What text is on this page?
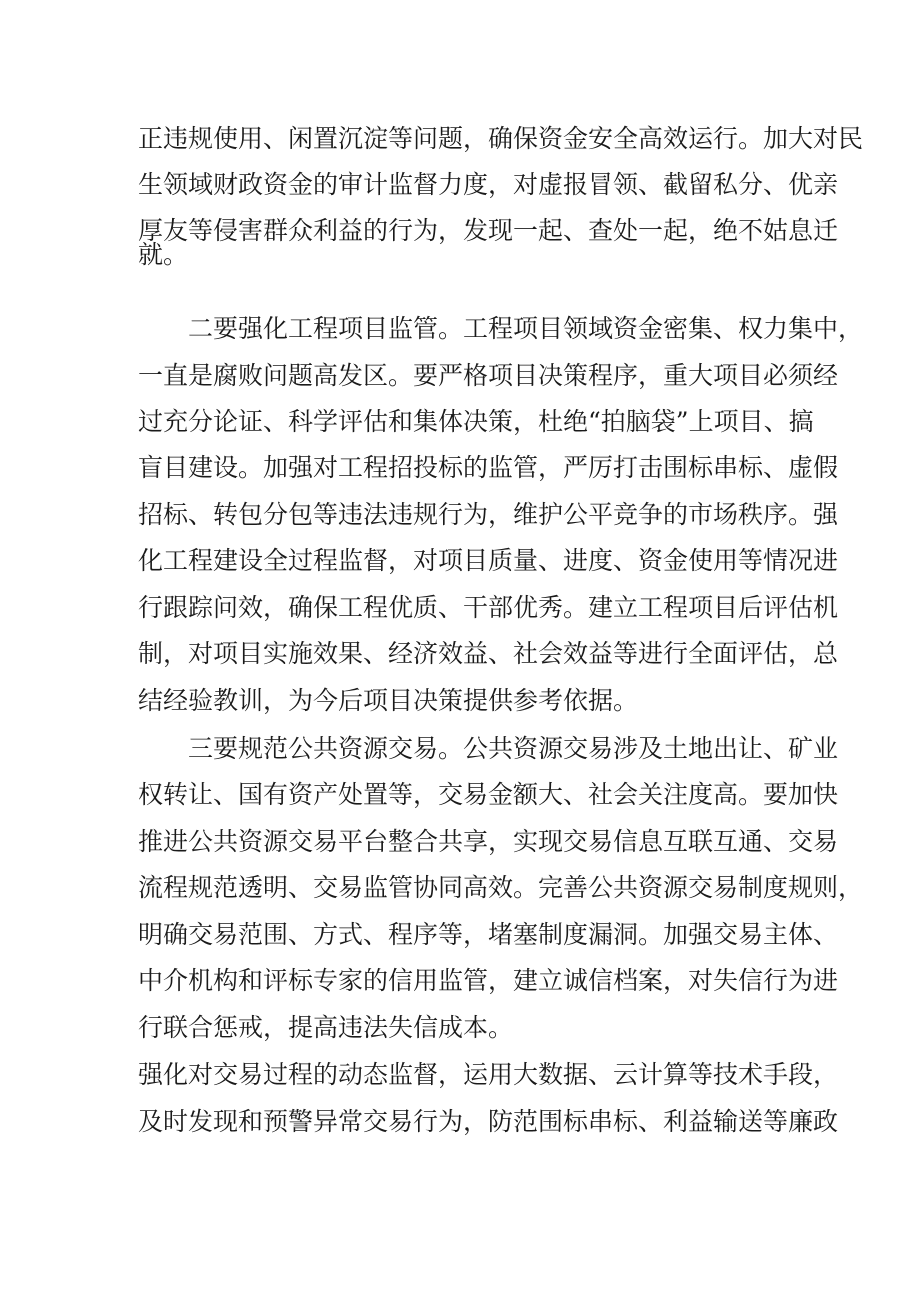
正违规使用、闲置沉淀等问题，确保资金安全高效运行。加大对民
生领域财政资金的审计监督力度，对虚报冒领、截留私分、优亲
厚友等侵害群众利益的行为，发现一起、查处一起，绝不姑息迁
就。
二要强化工程项目监管。工程项目领域资金密集、权力集中，
一直是腐败问题高发区。要严格项目决策程序，重大项目必须经
过充分论证、科学评估和集体决策，杜绝“拍脑袋”上项目、搞
盲目建设。加强对工程招投标的监管，严厉打击围标串标、虚假
招标、转包分包等违法违规行为，维护公平竞争的市场秩序。强
化工程建设全过程监督，对项目质量、进度、资金使用等情况进
行跟踪问效，确保工程优质、干部优秀。建立工程项目后评估机
制，对项目实施效果、经济效益、社会效益等进行全面评估，总
结经验教训，为今后项目决策提供参考依据。
三要规范公共资源交易。公共资源交易涉及土地出让、矿业
权转让、国有资产处置等，交易金额大、社会关注度高。要加快
推进公共资源交易平台整合共享，实现交易信息互联互通、交易
流程规范透明、交易监管协同高效。完善公共资源交易制度规则，
明确交易范围、方式、程序等，堵塞制度漏洞。加强交易主体、
中介机构和评标专家的信用监管，建立诚信档案，对失信行为进
行联合惩戒，提高违法失信成本。
强化对交易过程的动态监督，运用大数据、云计算等技术手段，
及时发现和预警异常交易行为，防范围标串标、利益输送等廉政
